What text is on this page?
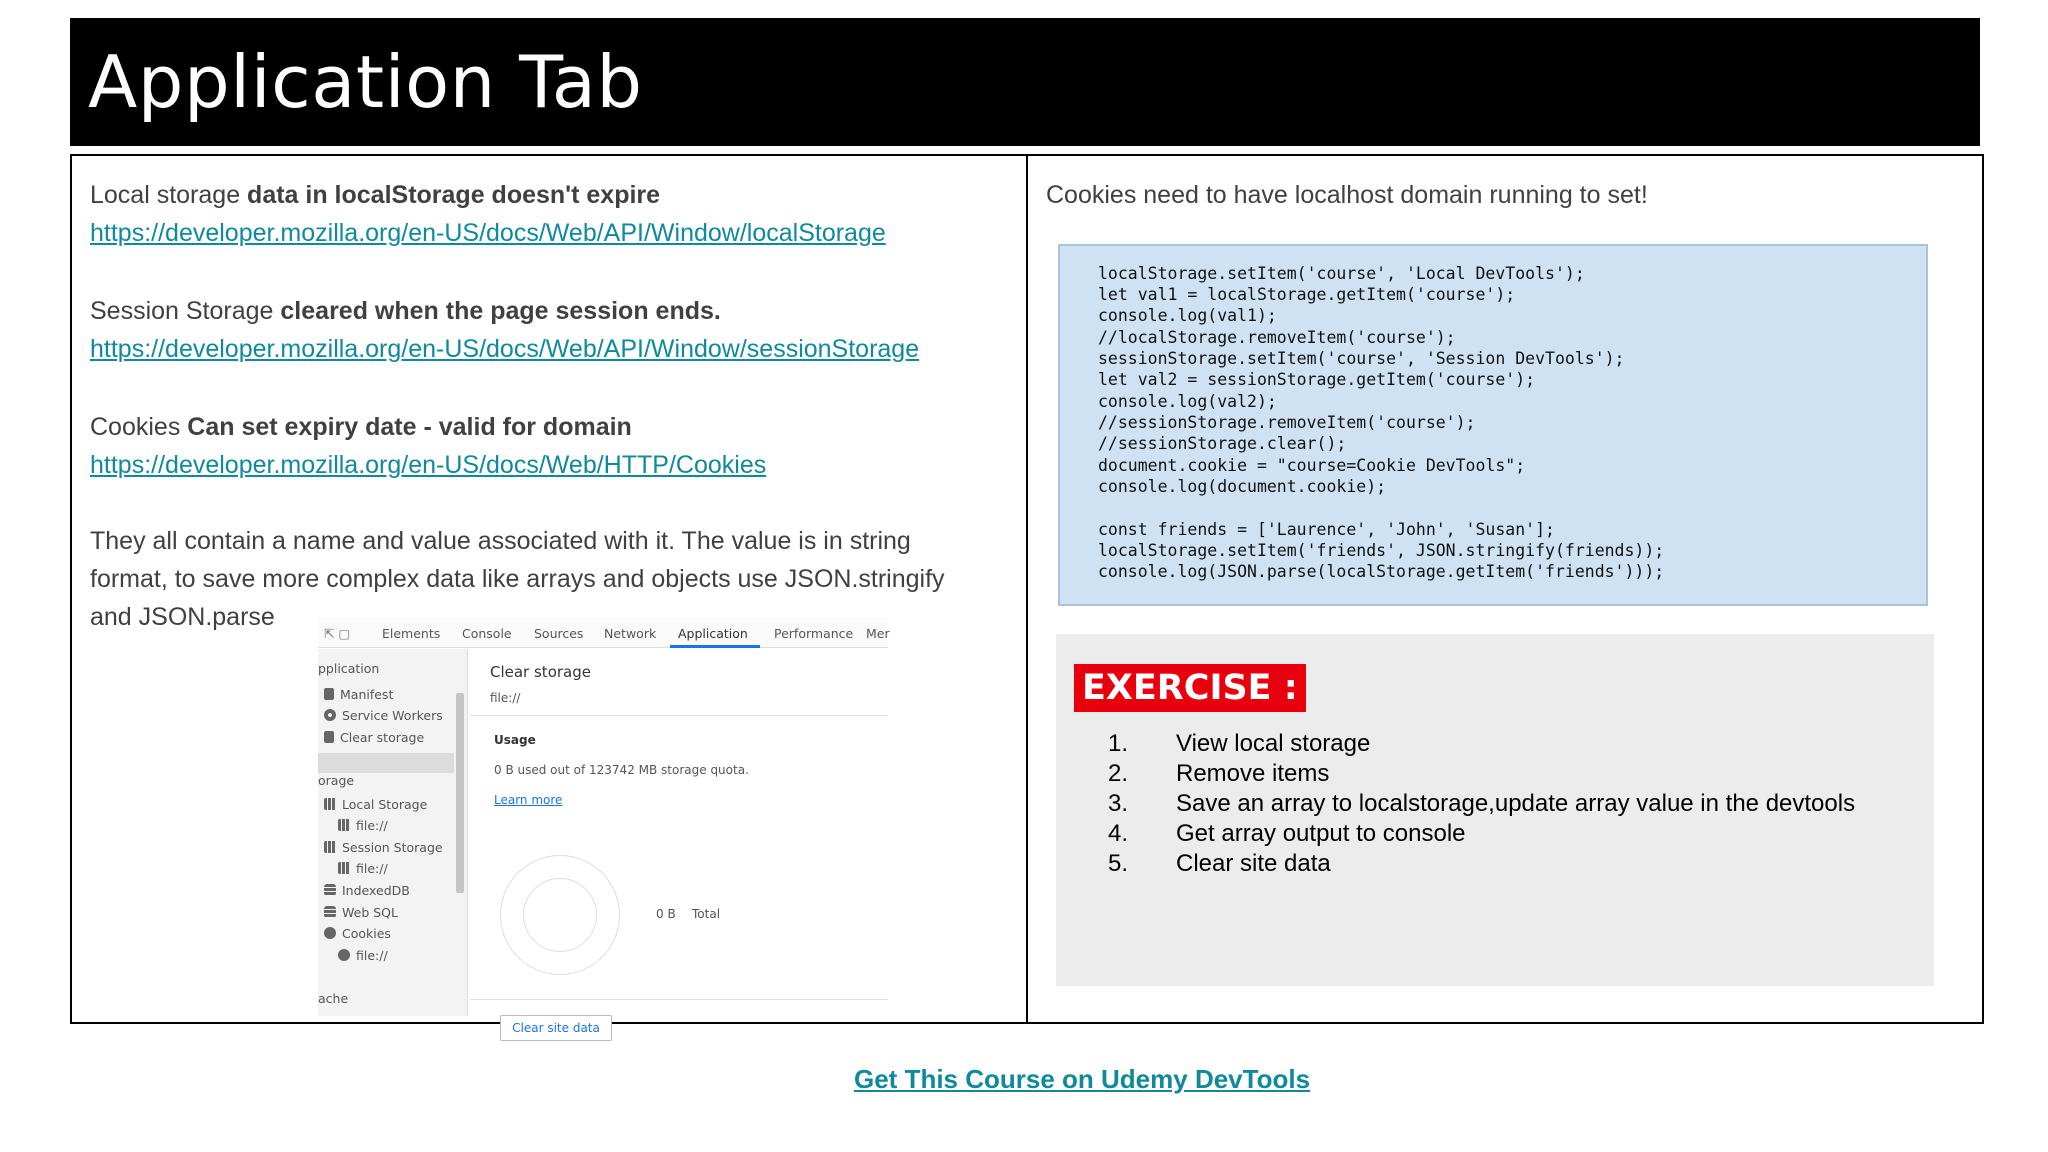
Application Tab
Local storage data in localStorage doesn't expire
https://developer.mozilla.org/en-US/docs/Web/API/Window/localStorage
Session Storage cleared when the page session ends.
https://developer.mozilla.org/en-US/docs/Web/API/Window/sessionStorage
Cookies Can set expiry date - valid for domain
https://developer.mozilla.org/en-US/docs/Web/HTTP/Cookies
They all contain a name and value associated with it. The value is in string
format, to save more complex data like arrays and objects use JSON.stringify
and JSON.parse
⇱ ▢	Elements Console Sources Network Application Performance Mer
pplication
Manifest
Service Workers
Clear storage
orage
Local Storage
file://
Session Storage
file://
IndexedDB
Web SQL
Cookies
file://
ache
Clear storage
file://
Usage
0 B used out of 123742 MB storage quota.
Learn more
0 B Total
Clear site data
Cookies need to have localhost domain running to set!
localStorage.setItem('course', 'Local DevTools');
let val1 = localStorage.getItem('course');
console.log(val1);
//localStorage.removeItem('course');
sessionStorage.setItem('course', 'Session DevTools');
let val2 = sessionStorage.getItem('course');
console.log(val2);
//sessionStorage.removeItem('course');
//sessionStorage.clear();
document.cookie = "course=Cookie DevTools";
console.log(document.cookie);
const friends = ['Laurence', 'John', 'Susan'];
localStorage.setItem('friends', JSON.stringify(friends));
console.log(JSON.parse(localStorage.getItem('friends')));
EXERCISE :
1. View local storage
2. Remove items
3. Save an array to localstorage,update array value in the devtools
4. Get array output to console
5. Clear site data
Get This Course on Udemy DevTools
